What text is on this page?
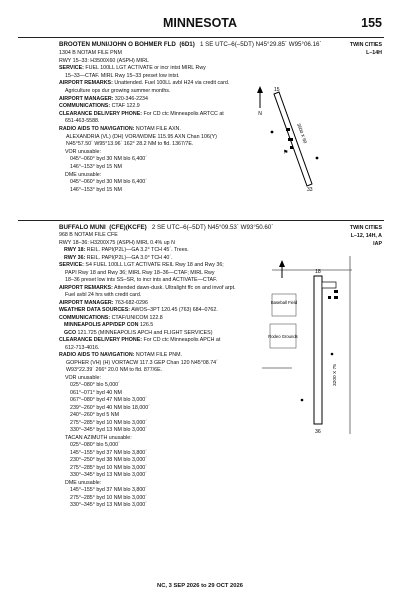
MINNESOTA	155
BROOTEN MUNI/JOHN O BOHMER FLD (6D1) 1 SE UTC–6(–5DT) N45°29.85´ W95°06.16´	TWIN CITIES
L–14H
1304 B NOTAM FILE PNM
RWY 15–33: H3500X60 (ASPH) MIRL
SERVICE: FUEL 100LL LGT ACTIVATE or incr intst MIRL Rwy
15–33—CTAF. MIRL Rwy 15–33 preset low intst.
AIRPORT REMARKS: Unattended. Fuel 100LL avbl H24 via credit card.
Agriculture ops dur growing summer months.
AIRPORT MANAGER: 320-346-2234
COMMUNICATIONS: CTAF 122.9
CLEARANCE DELIVERY PHONE: For CD ctc Minneapolis ARTCC at
651-463-5588.
RADIO AIDS TO NAVIGATION: NOTAM FILE AXN.
ALEXANDRIA (VL) (DH) VOR/W/DME 115.95 AXN Chan 106(Y)
N45°57.50´ W95°13.96´ 162° 28.2 NM to fld. 1367/7E.
VOR unusable:
045°–060° byd 30 NM blo 6,400´
146°–153° byd 15 NM
DME unusable:
045°–060° byd 30 NM blo 6,400´
146°–153° byd 15 NM
N
15
33
3500 X 60
⚑
BUFFALO MUNI (CFE)(KCFE) 2 SE UTC–6(–5DT) N45°09.53´ W93°50.60´	TWIN CITIES
L–12, 14H, A
IAP
968 B NOTAM FILE CFE
RWY 18–36: H3200X75 (ASPH) MIRL 0.4% up N
RWY 18: REIL. PAPI(P2L)—GA 3.2° TCH 45´. Trees.
RWY 36: REIL. PAPI(P2L)—GA 3.0° TCH 40´.
SERVICE: S4 FUEL 100LL LGT ACTIVATE REIL Rwy 18 and Rwy 36;
PAPI Rwy 18 and Rwy 36; MIRL Rwy 18–36—CTAF; MIRL Rwy
18–36 preset low ints SS–SR, to incr ints and ACTIVATE—CTAF.
AIRPORT REMARKS: Attended dawn-dusk. Ultralight ffc on and invof arpt.
Fuel avbl 24 hrs with credit card.
AIRPORT MANAGER: 763-682-0296
WEATHER DATA SOURCES: AWOS–3PT 120.45 (763) 684–0762.
COMMUNICATIONS: CTAF/UNICOM 122.8
MINNEAPOLIS APP/DEP CON 126.5
GCO 121.725 (MINNEAPOLIS APCH and FLIGHT SERVICES)
CLEARANCE DELIVERY PHONE: For CD ctc Minneapolis APCH at
612-713-4016.
RADIO AIDS TO NAVIGATION: NOTAM FILE PNM.
GOPHER (VH) (H) VORTACW 117.3 GEP Chan 120 N45°08.74´
W93°22.39´ 266° 20.0 NM to fld. 877/6E.
VOR unusable:
025°–080° blo 5,000´
061°–071° byd 40 NM
067°–080° byd 47 NM blo 3,000´
239°–260° byd 40 NM blo 18,000´
240°–260° byd 5 NM
275°–285° byd 10 NM blo 3,000´
330°–345° byd 13 NM blo 3,000´
TACAN AZIMUTH unusable:
025°–080° blo 5,000´
145°–155° byd 37 NM blo 3,800´
230°–250° byd 38 NM blo 3,000´
275°–285° byd 10 NM blo 3,000´
330°–345° byd 13 NM blo 3,000´
DME unusable:
145°–155° byd 37 NM blo 3,800´
275°–285° byd 10 NM blo 3,000´
330°–345° byd 13 NM blo 3,000´
18
36
3200 X 75
Baseball Field
Rodeo Grounds
NC, 3 SEP 2026 to 29 OCT 2026
